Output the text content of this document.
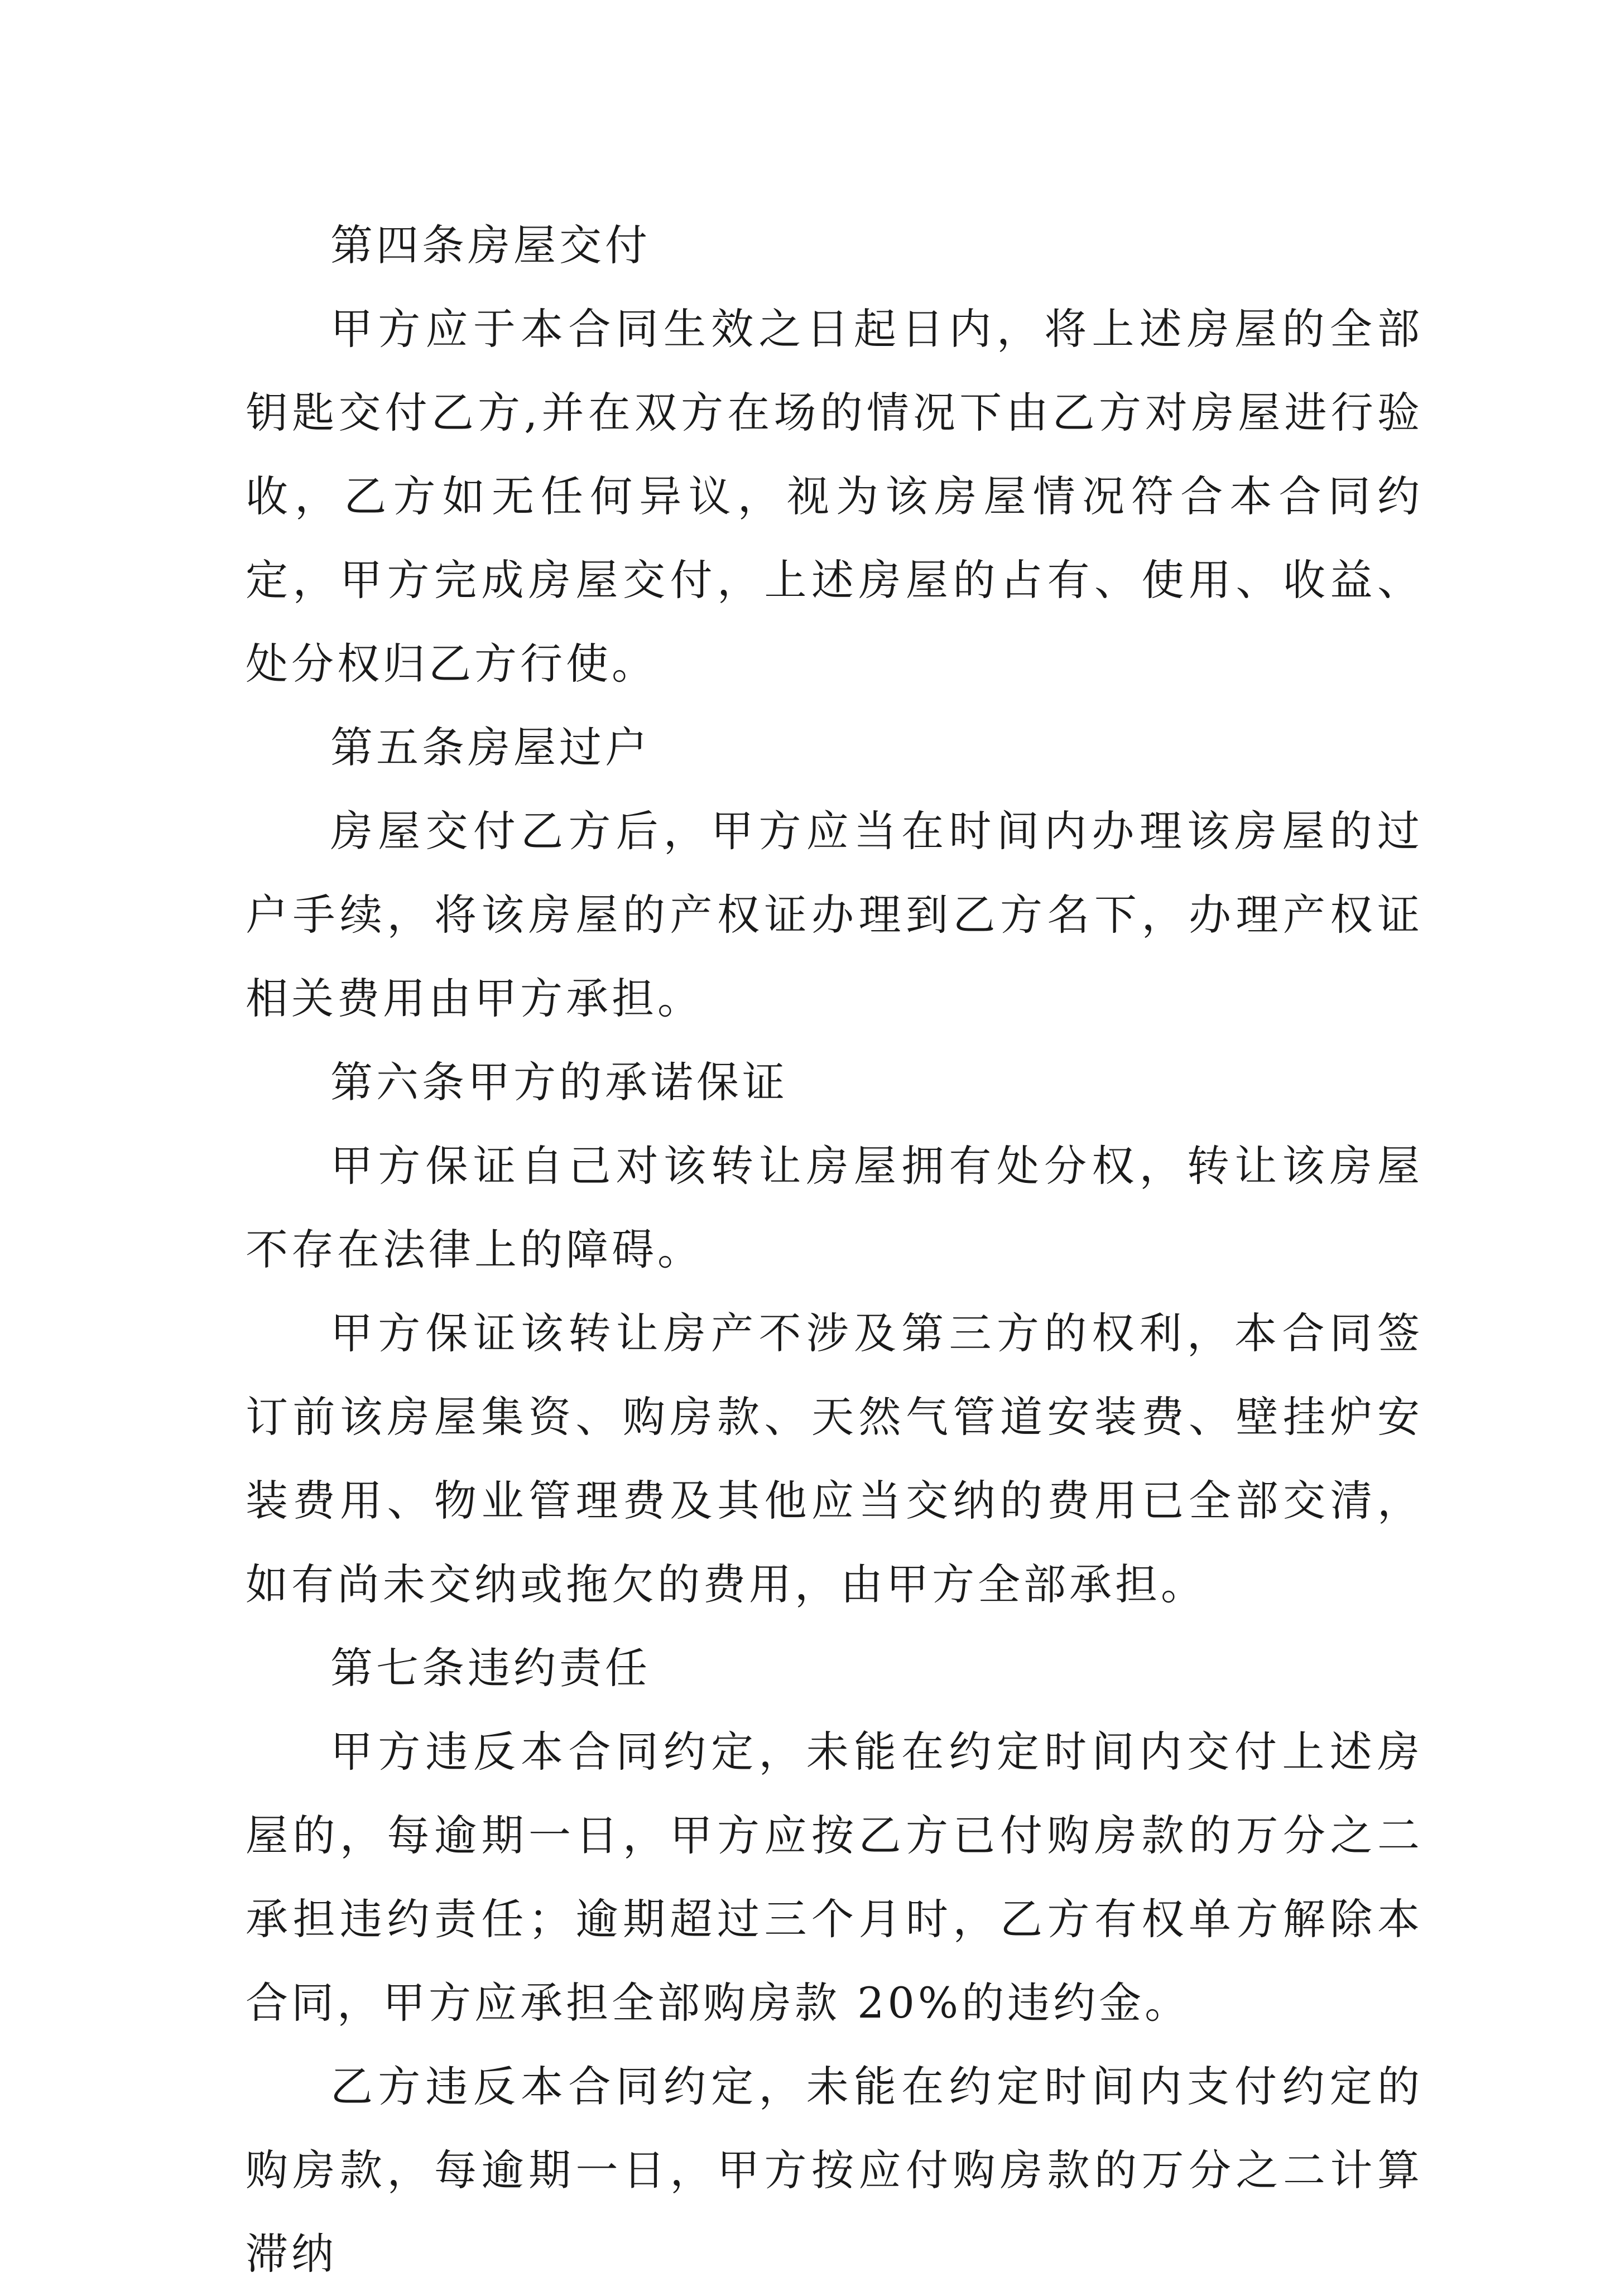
第四条房屋交付

甲方应于本合同生效之日起日内，将上述房屋的全部钥匙交付乙方,并在双方在场的情况下由乙方对房屋进行验收，乙方如无任何异议，视为该房屋情况符合本合同约定，甲方完成房屋交付，上述房屋的占有、使用、收益、处分权归乙方行使。

第五条房屋过户

房屋交付乙方后，甲方应当在时间内办理该房屋的过户手续，将该房屋的产权证办理到乙方名下，办理产权证相关费用由甲方承担。

第六条甲方的承诺保证

甲方保证自己对该转让房屋拥有处分权，转让该房屋不存在法律上的障碍。

甲方保证该转让房产不涉及第三方的权利，本合同签订前该房屋集资、购房款、天然气管道安装费、壁挂炉安装费用、物业管理费及其他应当交纳的费用已全部交清，如有尚未交纳或拖欠的费用，由甲方全部承担。

第七条违约责任

甲方违反本合同约定，未能在约定时间内交付上述房屋的，每逾期一日，甲方应按乙方已付购房款的万分之二承担违约责任；逾期超过三个月时，乙方有权单方解除本合同，甲方应承担全部购房款 20%的违约金。

乙方违反本合同约定，未能在约定时间内支付约定的购房款，每逾期一日，甲方按应付购房款的万分之二计算滞纳
